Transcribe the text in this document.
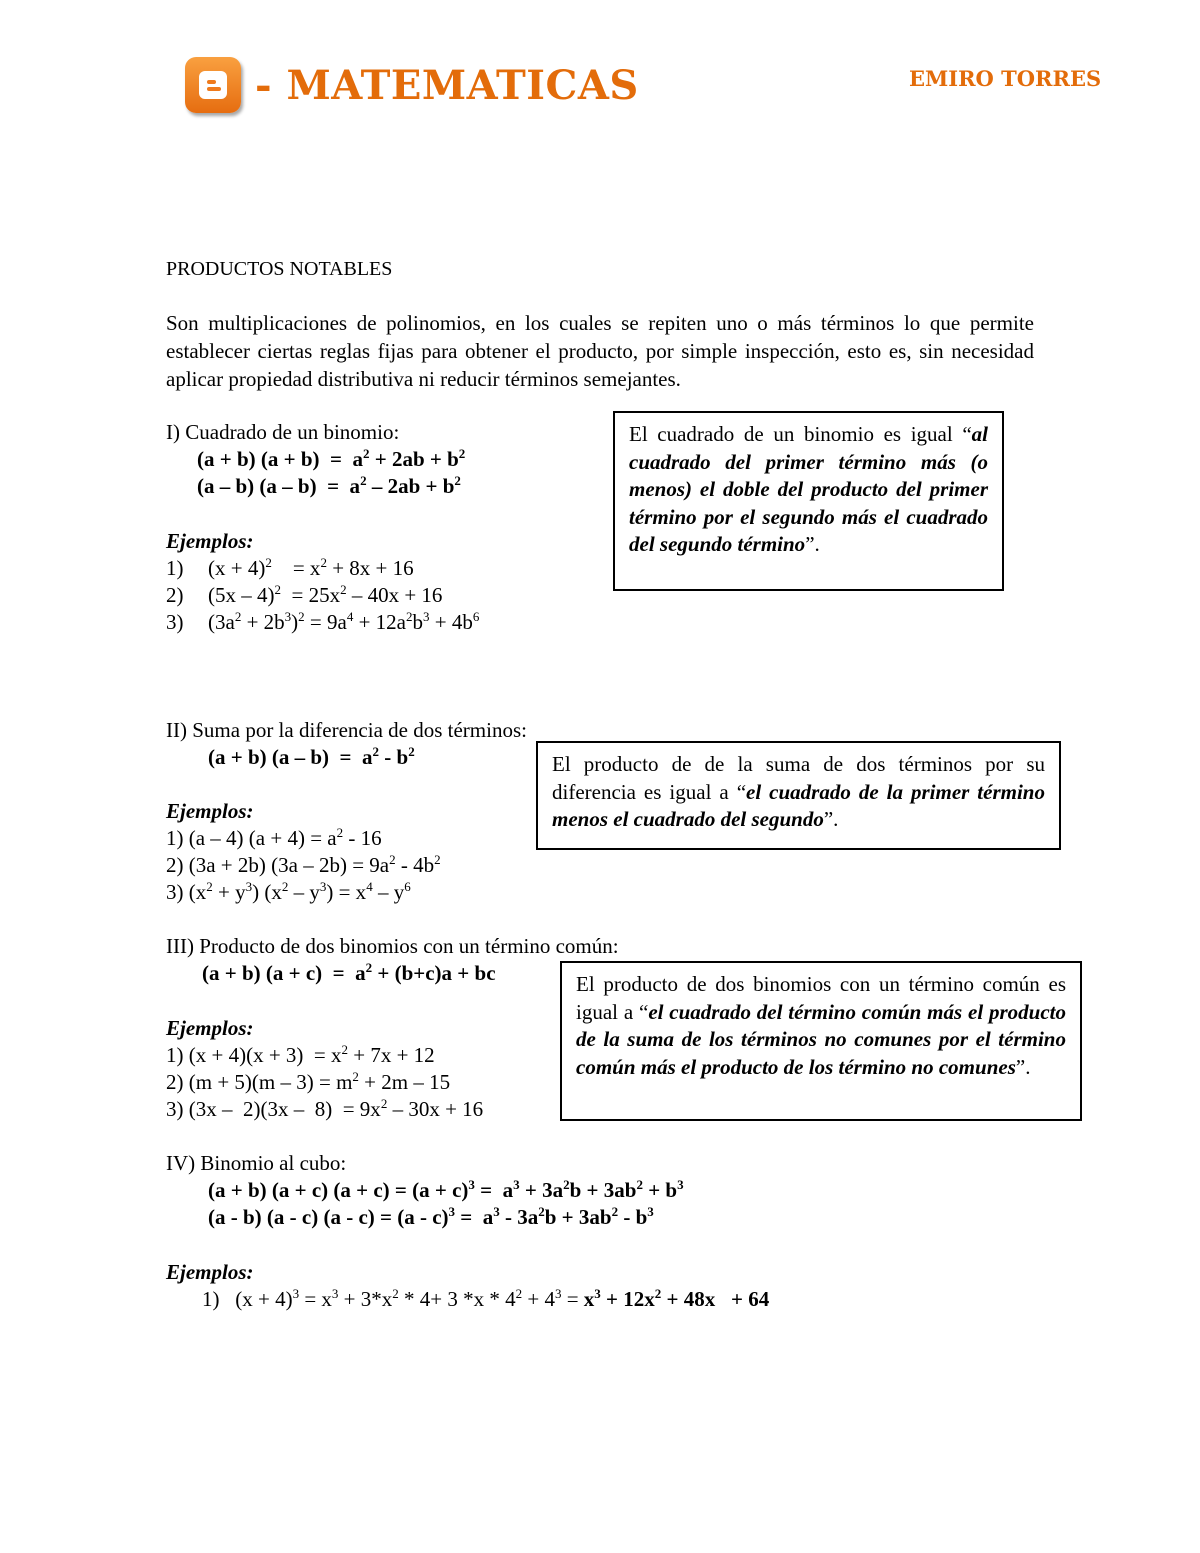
- MATEMATICAS	EMIRO TORRES
PRODUCTOS NOTABLES
Son multiplicaciones de polinomios, en los cuales se repiten uno o más términos lo que permite establecer ciertas reglas fijas para obtener el producto, por simple inspección, esto es, sin necesidad aplicar propiedad distributiva ni reducir términos semejantes.
I) Cuadrado de un binomio:
(a + b) $(a + b) = a^2 + 2ab + b^2$
(a – b) $(a - b) = a^2 - 2ab + b^2$
Ejemplos:
1) $(x + 4)^2$    = $x^2 + 8x + 16$
2) $(5x - 4)^2 = 25x^2 - 40x + 16$
3) $(3a^2 + 2b^3)^2 = 9a^4 + 12a^2b^3 + 4b^6$
El cuadrado de un binomio es igual “al cuadrado del primer término más (o menos) el doble del producto del primer término por el segundo más el cuadrado del segundo término”.
II) Suma por la diferencia de dos términos:
(a + b) $(a - b) = a^2 - b^2$
Ejemplos:
1) (a – 4) $(a + 4) = a^2 - 16$
2) (3a + 2b) $(3a - 2b) = 9a^2 - 4b^2$
3) $(x^2 + y^3)$ $(x^2 - y^3) = x^4 - y^6$
El producto de de la suma de dos términos por su diferencia es igual a “el cuadrado de la primer término menos el cuadrado del segundo”.
III) Producto de dos binomios con un término común:
(a + b) $(a + c) = a^2 + (b+c)a$ + bc
Ejemplos:
1) $(x + 4)(x + 3) = x^2 + 7x + 12$
2) $(m + 5)(m - 3) = m^2 + 2m - 15$
3) $(3x - 2)(3x - 8) = 9x^2 - 30x + 16$
El producto de dos binomios con un término común es igual a “el cuadrado del término común más el producto de la suma de los términos no comunes por el término común más el producto de los término no comunes”.
IV) Binomio al cubo:
(a + b) (a + c) $(a + c) = (a + c)^3 = a^3 + 3a^2b + 3ab^2 + b^3$
(a - b) (a - c) $(a - c) = (a - c)^3 = a^3 - 3a^2b + 3ab^2 - b^3$
Ejemplos:
1)   $(x + 4)^3 = x^3 + 3*x^2 * 4+ 3$ $*x * 4^2 + 4^3 = x^3 + 12x^2 + 48x + 64$
